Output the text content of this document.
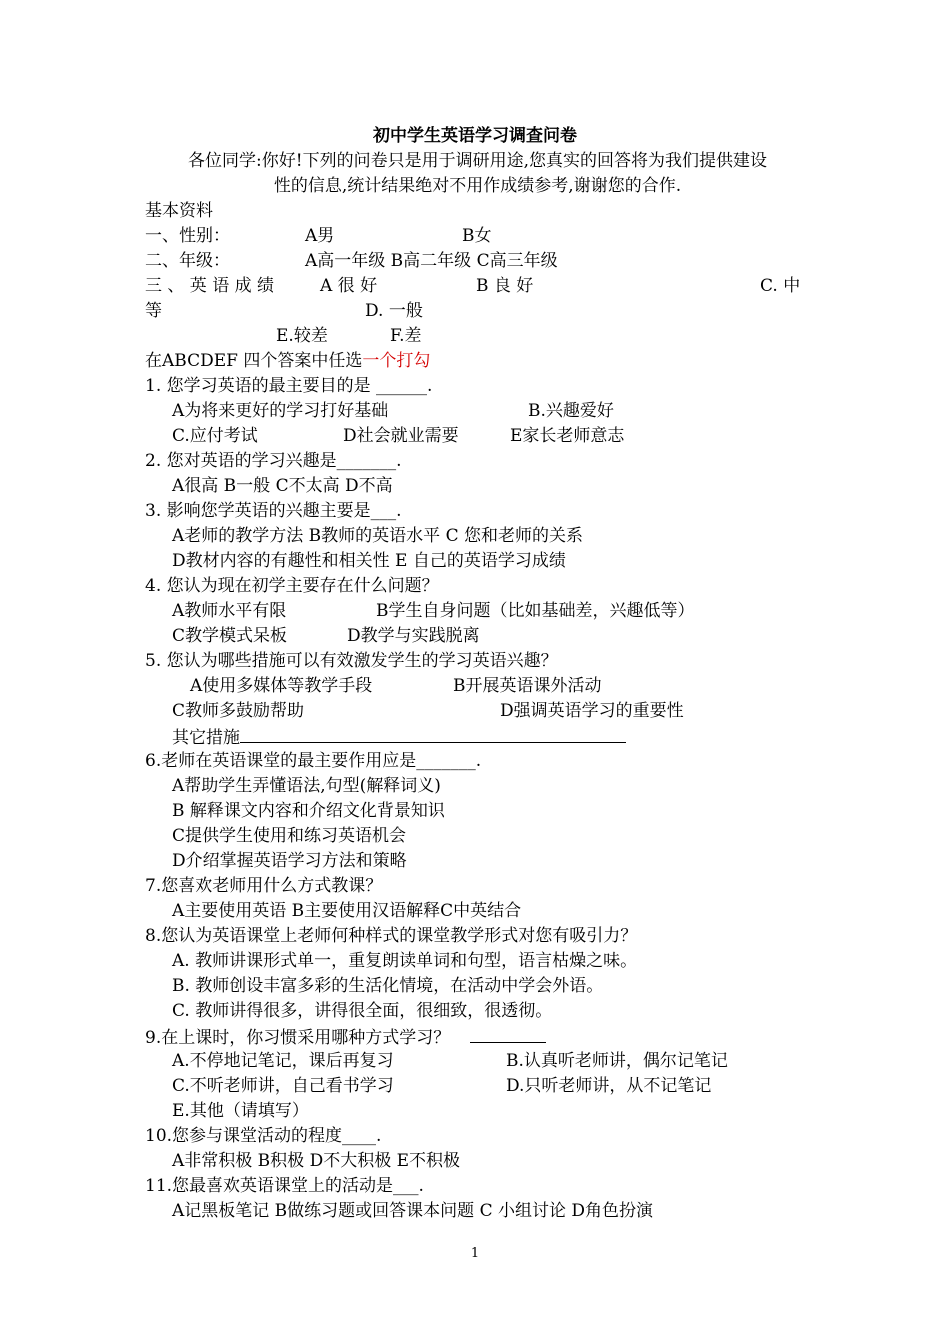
初中学生英语学习调查问卷
各位同学:你好!下列的问卷只是用于调研用途,您真实的回答将为我们提供建设
性的信息,统计结果绝对不用作成绩参考,谢谢您的合作.
基本资料
一、性别：	A男	B女
二、年级：	A高一年级 B高二年级 C高三年级
三 、 英 语 成 绩	A 很 好	B 良 好	C. 中
等	D. 一般
E.较差	F.差
在ABCDEF 四个答案中任选一个打勾
1. 您学习英语的最主要目的是 ______.
A为将来更好的学习打好基础	B.兴趣爱好
C.应付考试	D社会就业需要	E家长老师意志
2. 您对英语的学习兴趣是_______.
A很高 B一般 C不太高 D不高
3. 影响您学英语的兴趣主要是___.
A老师的教学方法 B教师的英语水平 C 您和老师的关系
D教材内容的有趣性和相关性 E 自己的英语学习成绩
4. 您认为现在初学主要存在什么问题？
A教师水平有限	B学生自身问题（比如基础差，兴趣低等）
C教学模式呆板	D教学与实践脱离
5. 您认为哪些措施可以有效激发学生的学习英语兴趣？
A使用多媒体等教学手段	B开展英语课外活动
C教师多鼓励帮助	D强调英语学习的重要性
其它措施
6.老师在英语课堂的最主要作用应是_______.
A帮助学生弄懂语法,句型(解释词义)
B 解释课文内容和介绍文化背景知识
C提供学生使用和练习英语机会
D介绍掌握英语学习方法和策略
7.您喜欢老师用什么方式教课？
A主要使用英语 B主要使用汉语解释C中英结合
8.您认为英语课堂上老师何种样式的课堂教学形式对您有吸引力？
A. 教师讲课形式单一，重复朗读单词和句型，语言枯燥之味。
B. 教师创设丰富多彩的生活化情境，在活动中学会外语。
C. 教师讲得很多，讲得很全面，很细致，很透彻。
9.在上课时，你习惯采用哪种方式学习？
A.不停地记笔记，课后再复习	B.认真听老师讲，偶尔记笔记
C.不听老师讲，自己看书学习	D.只听老师讲，从不记笔记
E.其他（请填写）
10.您参与课堂活动的程度____.
A非常积极 B积极 D不大积极 E不积极
11.您最喜欢英语课堂上的活动是___.
A记黑板笔记 B做练习题或回答课本问题 C 小组讨论 D角色扮演
1
